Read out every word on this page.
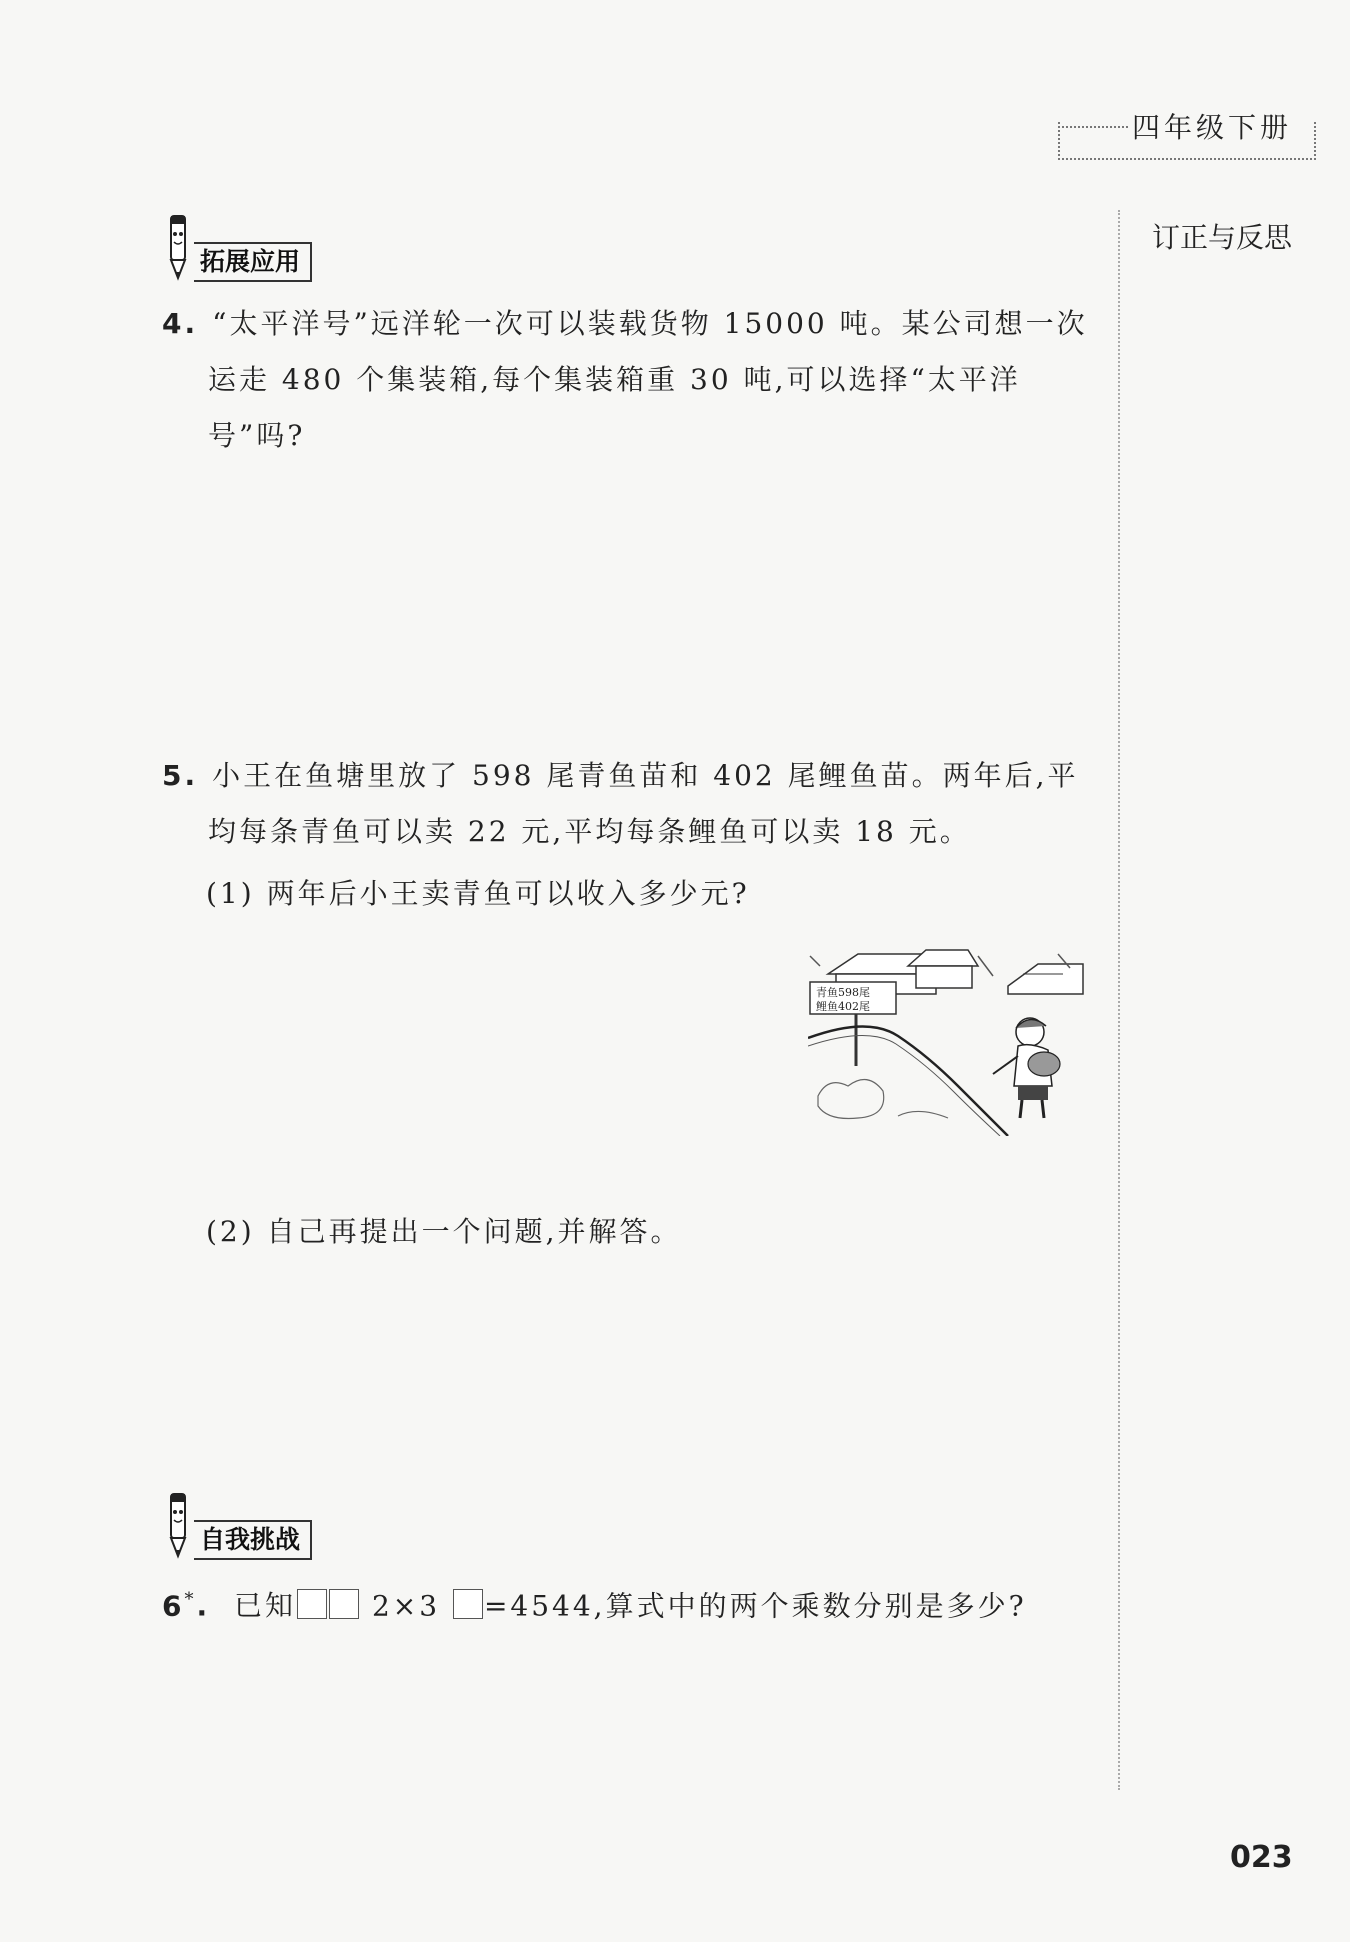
四年级下册
订正与反思
拓展应用
4. “太平洋号”远洋轮一次可以装载货物 15000 吨。某公司想一次
运走 480 个集装箱,每个集装箱重 30 吨,可以选择“太平洋
号”吗?
5. 小王在鱼塘里放了 598 尾青鱼苗和 402 尾鲤鱼苗。两年后,平
均每条青鱼可以卖 22 元,平均每条鲤鱼可以卖 18 元。
(1) 两年后小王卖青鱼可以收入多少元?
青鱼598尾
鲤鱼402尾
(2) 自己再提出一个问题,并解答。
自我挑战
6*. 已知	2×3 =4544,算式中的两个乘数分别是多少?
023
